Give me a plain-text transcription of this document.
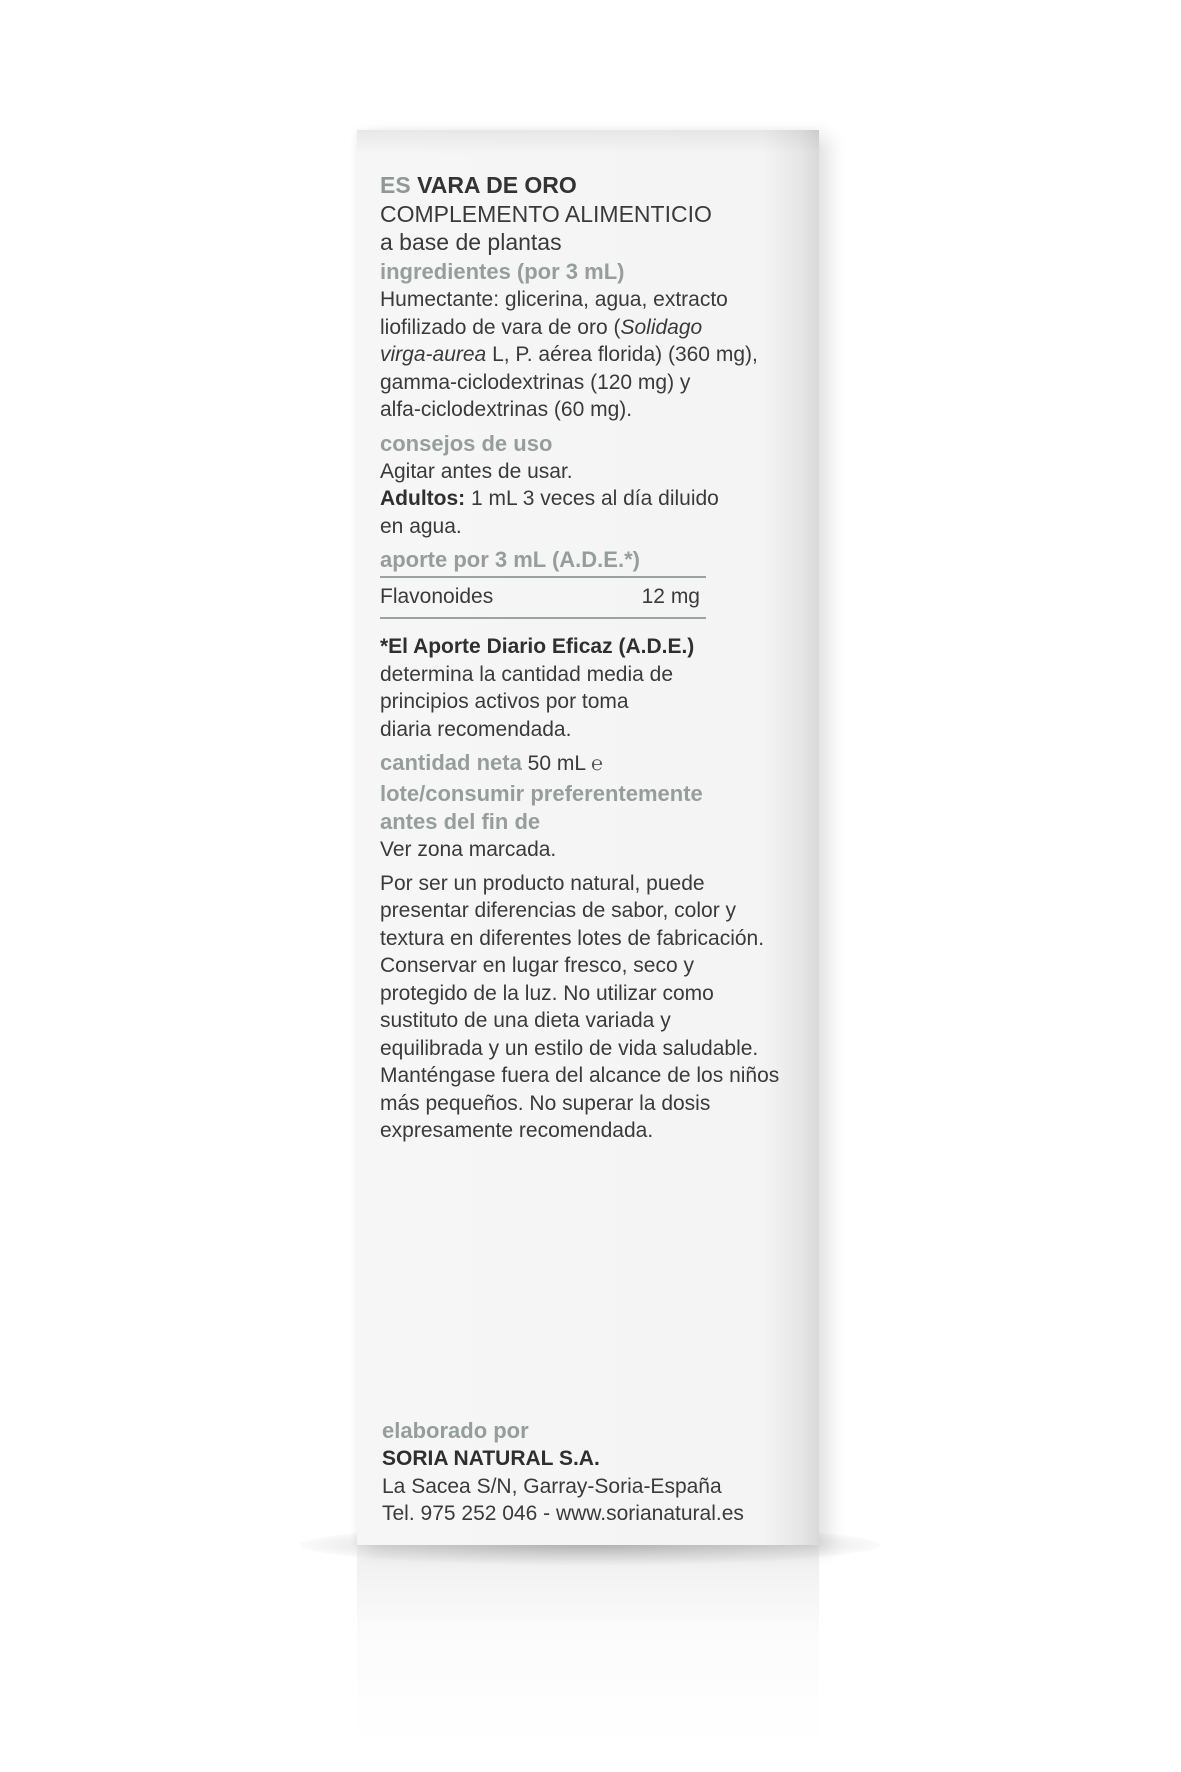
ES VARA DE ORO
COMPLEMENTO ALIMENTICIO
a base de plantas
ingredientes (por 3 mL)
Humectante: glicerina, agua, extracto
liofilizado de vara de oro (Solidago
virga-aurea L, P. aérea florida) (360 mg),
gamma-ciclodextrinas (120 mg) y
alfa-ciclodextrinas (60 mg).
consejos de uso
Agitar antes de usar.
Adultos: 1 mL 3 veces al día diluido
en agua.
aporte por 3 mL (A.D.E.*)
Flavonoides	12 mg
*El Aporte Diario Eficaz (A.D.E.)
determina la cantidad media de
principios activos por toma
diaria recomendada.
cantidad neta 50 mL ℮
lote/consumir preferentemente
antes del fin de
Ver zona marcada.
Por ser un producto natural, puede
presentar diferencias de sabor, color y
textura en diferentes lotes de fabricación.
Conservar en lugar fresco, seco y
protegido de la luz. No utilizar como
sustituto de una dieta variada y
equilibrada y un estilo de vida saludable.
Manténgase fuera del alcance de los niños
más pequeños. No superar la dosis
expresamente recomendada.
elaborado por
SORIA NATURAL S.A.
La Sacea S/N, Garray-Soria-España
Tel. 975 252 046 - www.sorianatural.es
